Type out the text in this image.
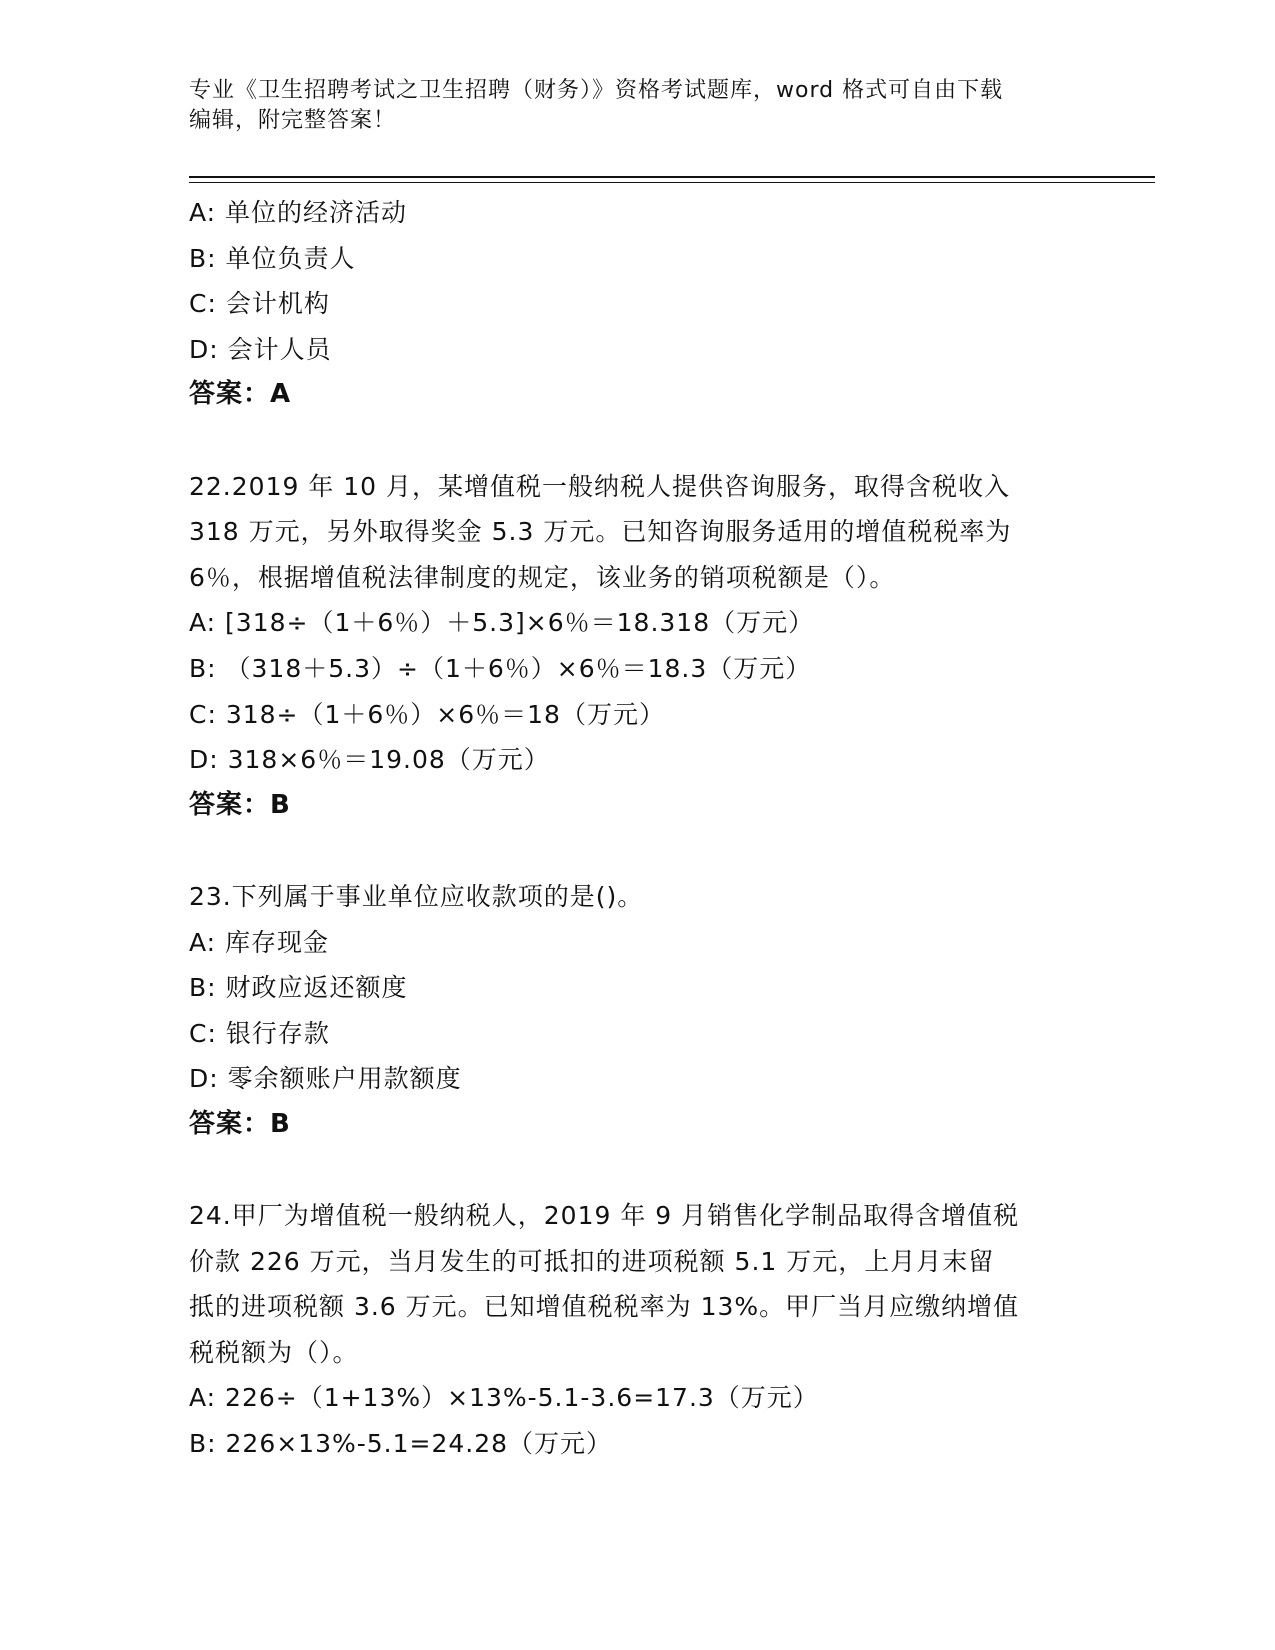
专业《卫生招聘考试之卫生招聘（财务）》资格考试题库，word 格式可自由下载
编辑，附完整答案！
A: 单位的经济活动
B: 单位负责人
C: 会计机构
D: 会计人员
答案：A
22.2019 年 10 月，某增值税一般纳税人提供咨询服务，取得含税收入
318 万元，另外取得奖金 5.3 万元。已知咨询服务适用的增值税税率为
6％，根据增值税法律制度的规定，该业务的销项税额是（）。
A: [318÷（1＋6％）＋5.3]×6％＝18.318（万元）
B: （318＋5.3）÷（1＋6％）×6％＝18.3（万元）
C: 318÷（1＋6％）×6％＝18（万元）
D: 318×6％＝19.08（万元）
答案：B
23.下列属于事业单位应收款项的是()。
A: 库存现金
B: 财政应返还额度
C: 银行存款
D: 零余额账户用款额度
答案：B
24.甲厂为增值税一般纳税人，2019 年 9 月销售化学制品取得含增值税
价款 226 万元，当月发生的可抵扣的进项税额 5.1 万元，上月月末留
抵的进项税额 3.6 万元。已知增值税税率为 13%。甲厂当月应缴纳增值
税税额为（）。
A: 226÷（1+13%）×13%-5.1-3.6=17.3（万元）
B: 226×13%-5.1=24.28（万元）
